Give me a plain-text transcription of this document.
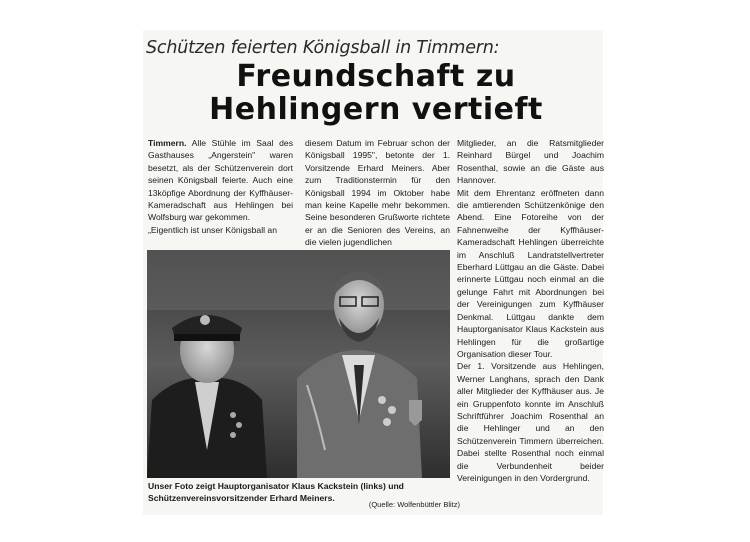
Schützen feierten Königsball in Timmern:
Freundschaft zu
Hehlingern vertieft

Timmern. Alle Stühle im Saal des Gasthauses „Angerstein" waren besetzt, als der Schützenverein dort seinen Königsball feierte. Auch eine 13köpfige Abordnung der Kyffhäuser-Kameradschaft aus Hehlingen bei Wolfsburg war gekommen.

„Eigentlich ist unser Königsball an

diesem Datum im Februar schon der Königsball 1995", betonte der 1. Vorsitzende Erhard Meiners. Aber zum Traditionstermin für den Königsball 1994 im Oktober habe man keine Kapelle mehr bekommen. Seine besonderen Grußworte richtete er an die Senioren des Vereins, an die vielen jugendlichen

Mitglieder, an die Ratsmitglieder Reinhard Bürgel und Joachim Rosenthal, sowie an die Gäste aus Hannover.

Mit dem Ehrentanz eröffneten dann die amtierenden Schützenkönige den Abend. Eine Fotoreihe von der Fahnenweihe der Kyffhäuser-Kameradschaft Hehlingen überreichte im Anschluß Landratstellvertreter Eberhard Lüttgau an die Gäste. Dabei erinnerte Lüttgau noch einmal an die gelunge Fahrt mit Abordnungen bei der Vereinigungen zum Kyffhäuser Denkmal. Lüttgau dankte dem Hauptorganisator Klaus Kackstein aus Hehlingen für die großartige Organisation dieser Tour.

Der 1. Vorsitzende aus Hehlingen, Werner Langhans, sprach den Dank aller Mitglieder der Kyffhäuser aus. Je ein Gruppenfoto konnte im Anschluß Schriftführer Joachim Rosenthal an die Hehlinger und an den Schützenverein Timmern überreichen. Dabei stellte Rosenthal noch einmal die Verbundenheit beider Vereinigungen in den Vordergrund.

Unser Foto zeigt Hauptorganisator Klaus Kackstein (links) und Schützenvereinsvorsitzender Erhard Meiners.
(Quelle: Wolfenbüttler Blitz)
